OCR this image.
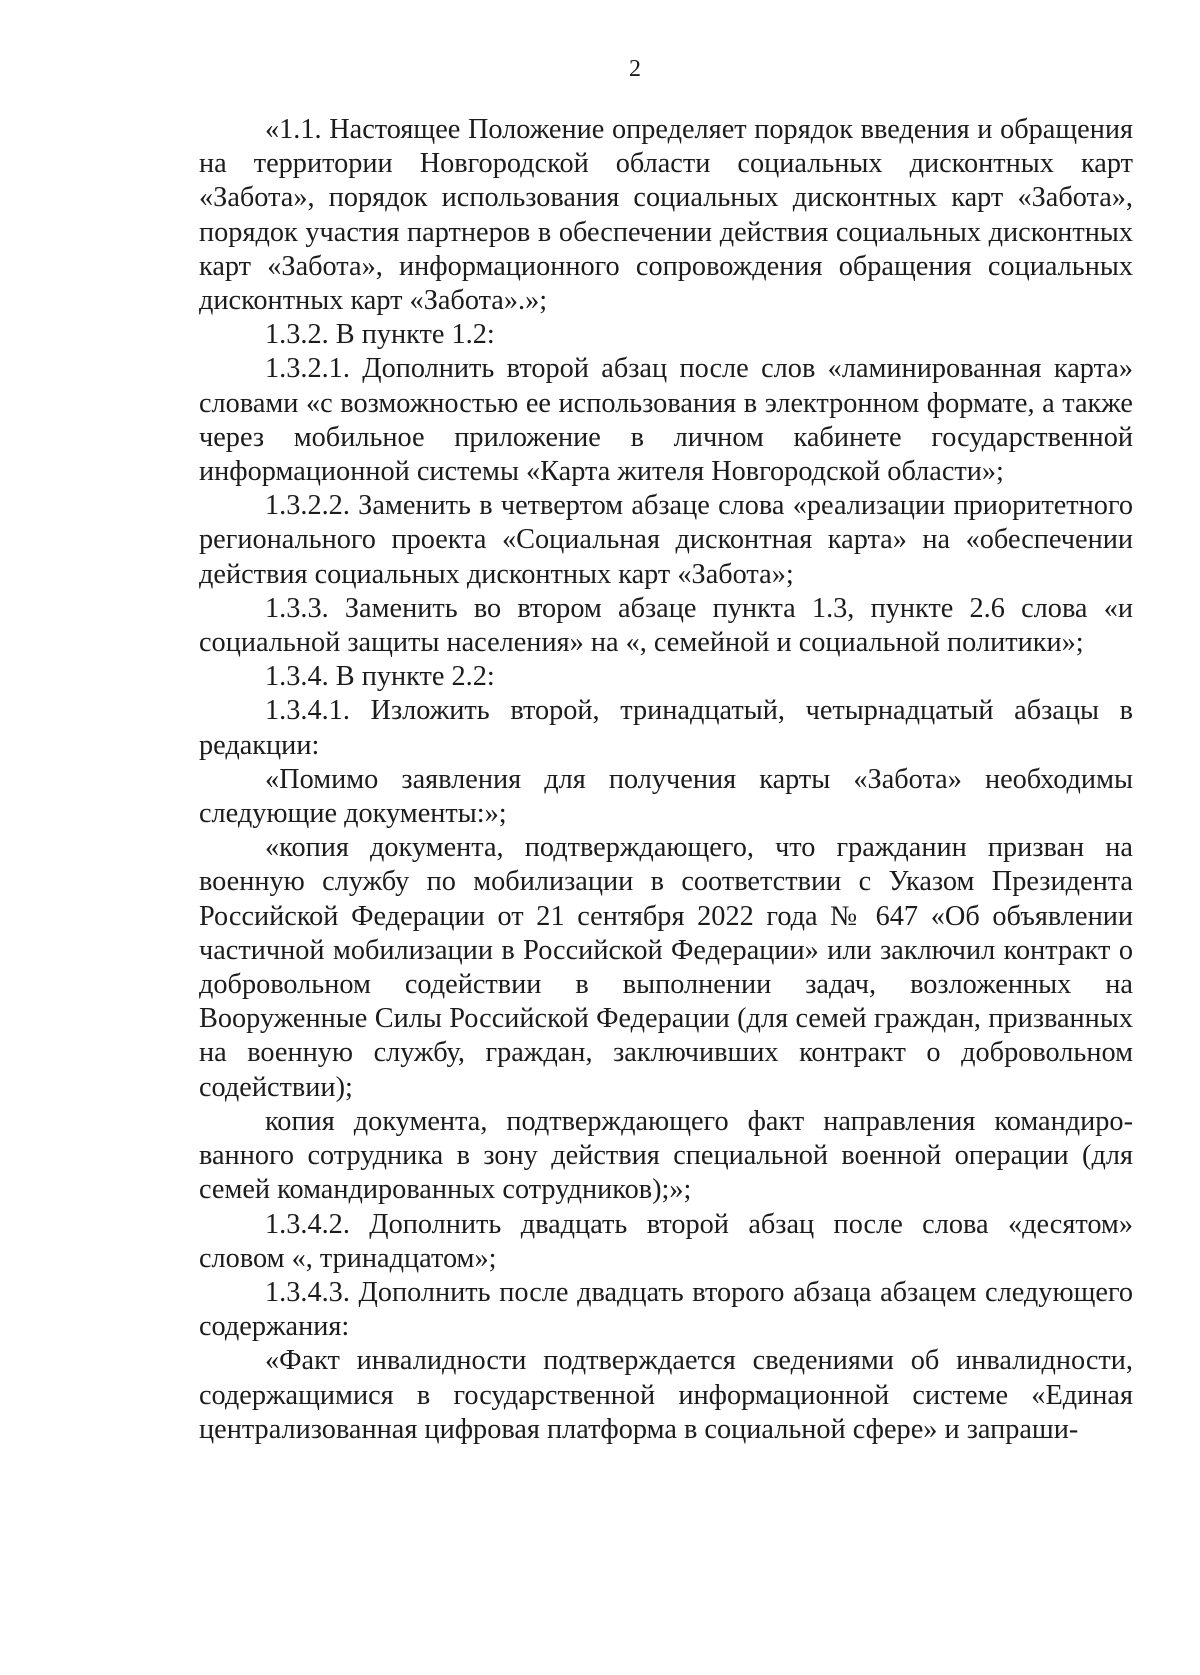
2

«1.1. Настоящее Положение определяет порядок введения и обращения на территории Новгородской области социальных дисконтных карт «Забота», порядок использования социальных дисконтных карт «Забота», порядок участия партнеров в обеспечении действия социальных дисконтных карт «Забота», информационного сопровождения обращения социальных дисконтных карт «Забота».»;

1.3.2. В пункте 1.2:

1.3.2.1. Дополнить второй абзац после слов «ламинированная карта» словами «с возможностью ее использования в электронном формате, а также через мобильное приложение в личном кабинете государственной информационной системы «Карта жителя Новгородской области»;

1.3.2.2. Заменить в четвертом абзаце слова «реализации приоритетного регионального проекта «Социальная дисконтная карта» на «обеспечении действия социальных дисконтных карт «Забота»;

1.3.3. Заменить во втором абзаце пункта 1.3, пункте 2.6 слова «и социальной защиты населения» на «, семейной и социальной политики»;

1.3.4. В пункте 2.2:

1.3.4.1. Изложить второй, тринадцатый, четырнадцатый абзацы в редакции:

«Помимо заявления для получения карты «Забота» необходимы следующие документы:»;

«копия документа, подтверждающего, что гражданин призван на военную службу по мобилизации в соответствии с Указом Президента Российской Федерации от 21 сентября 2022 года № 647 «Об объявлении частичной мобилизации в Российской Федерации» или заключил контракт о добровольном содействии в выполнении задач, возложенных на Вооруженные Силы Российской Федерации (для семей граждан, призванных на военную службу, граждан, заключивших контракт о добровольном содействии);

копия документа, подтверждающего факт направления командиро-ванного сотрудника в зону действия специальной военной операции (для семей командированных сотрудников);»;

1.3.4.2. Дополнить двадцать второй абзац после слова «десятом» словом «, тринадцатом»;

1.3.4.3. Дополнить после двадцать второго абзаца абзацем следующего содержания:

«Факт инвалидности подтверждается сведениями об инвалидности, содержащимися в государственной информационной системе «Единая централизованная цифровая платформа в социальной сфере» и запраши-
